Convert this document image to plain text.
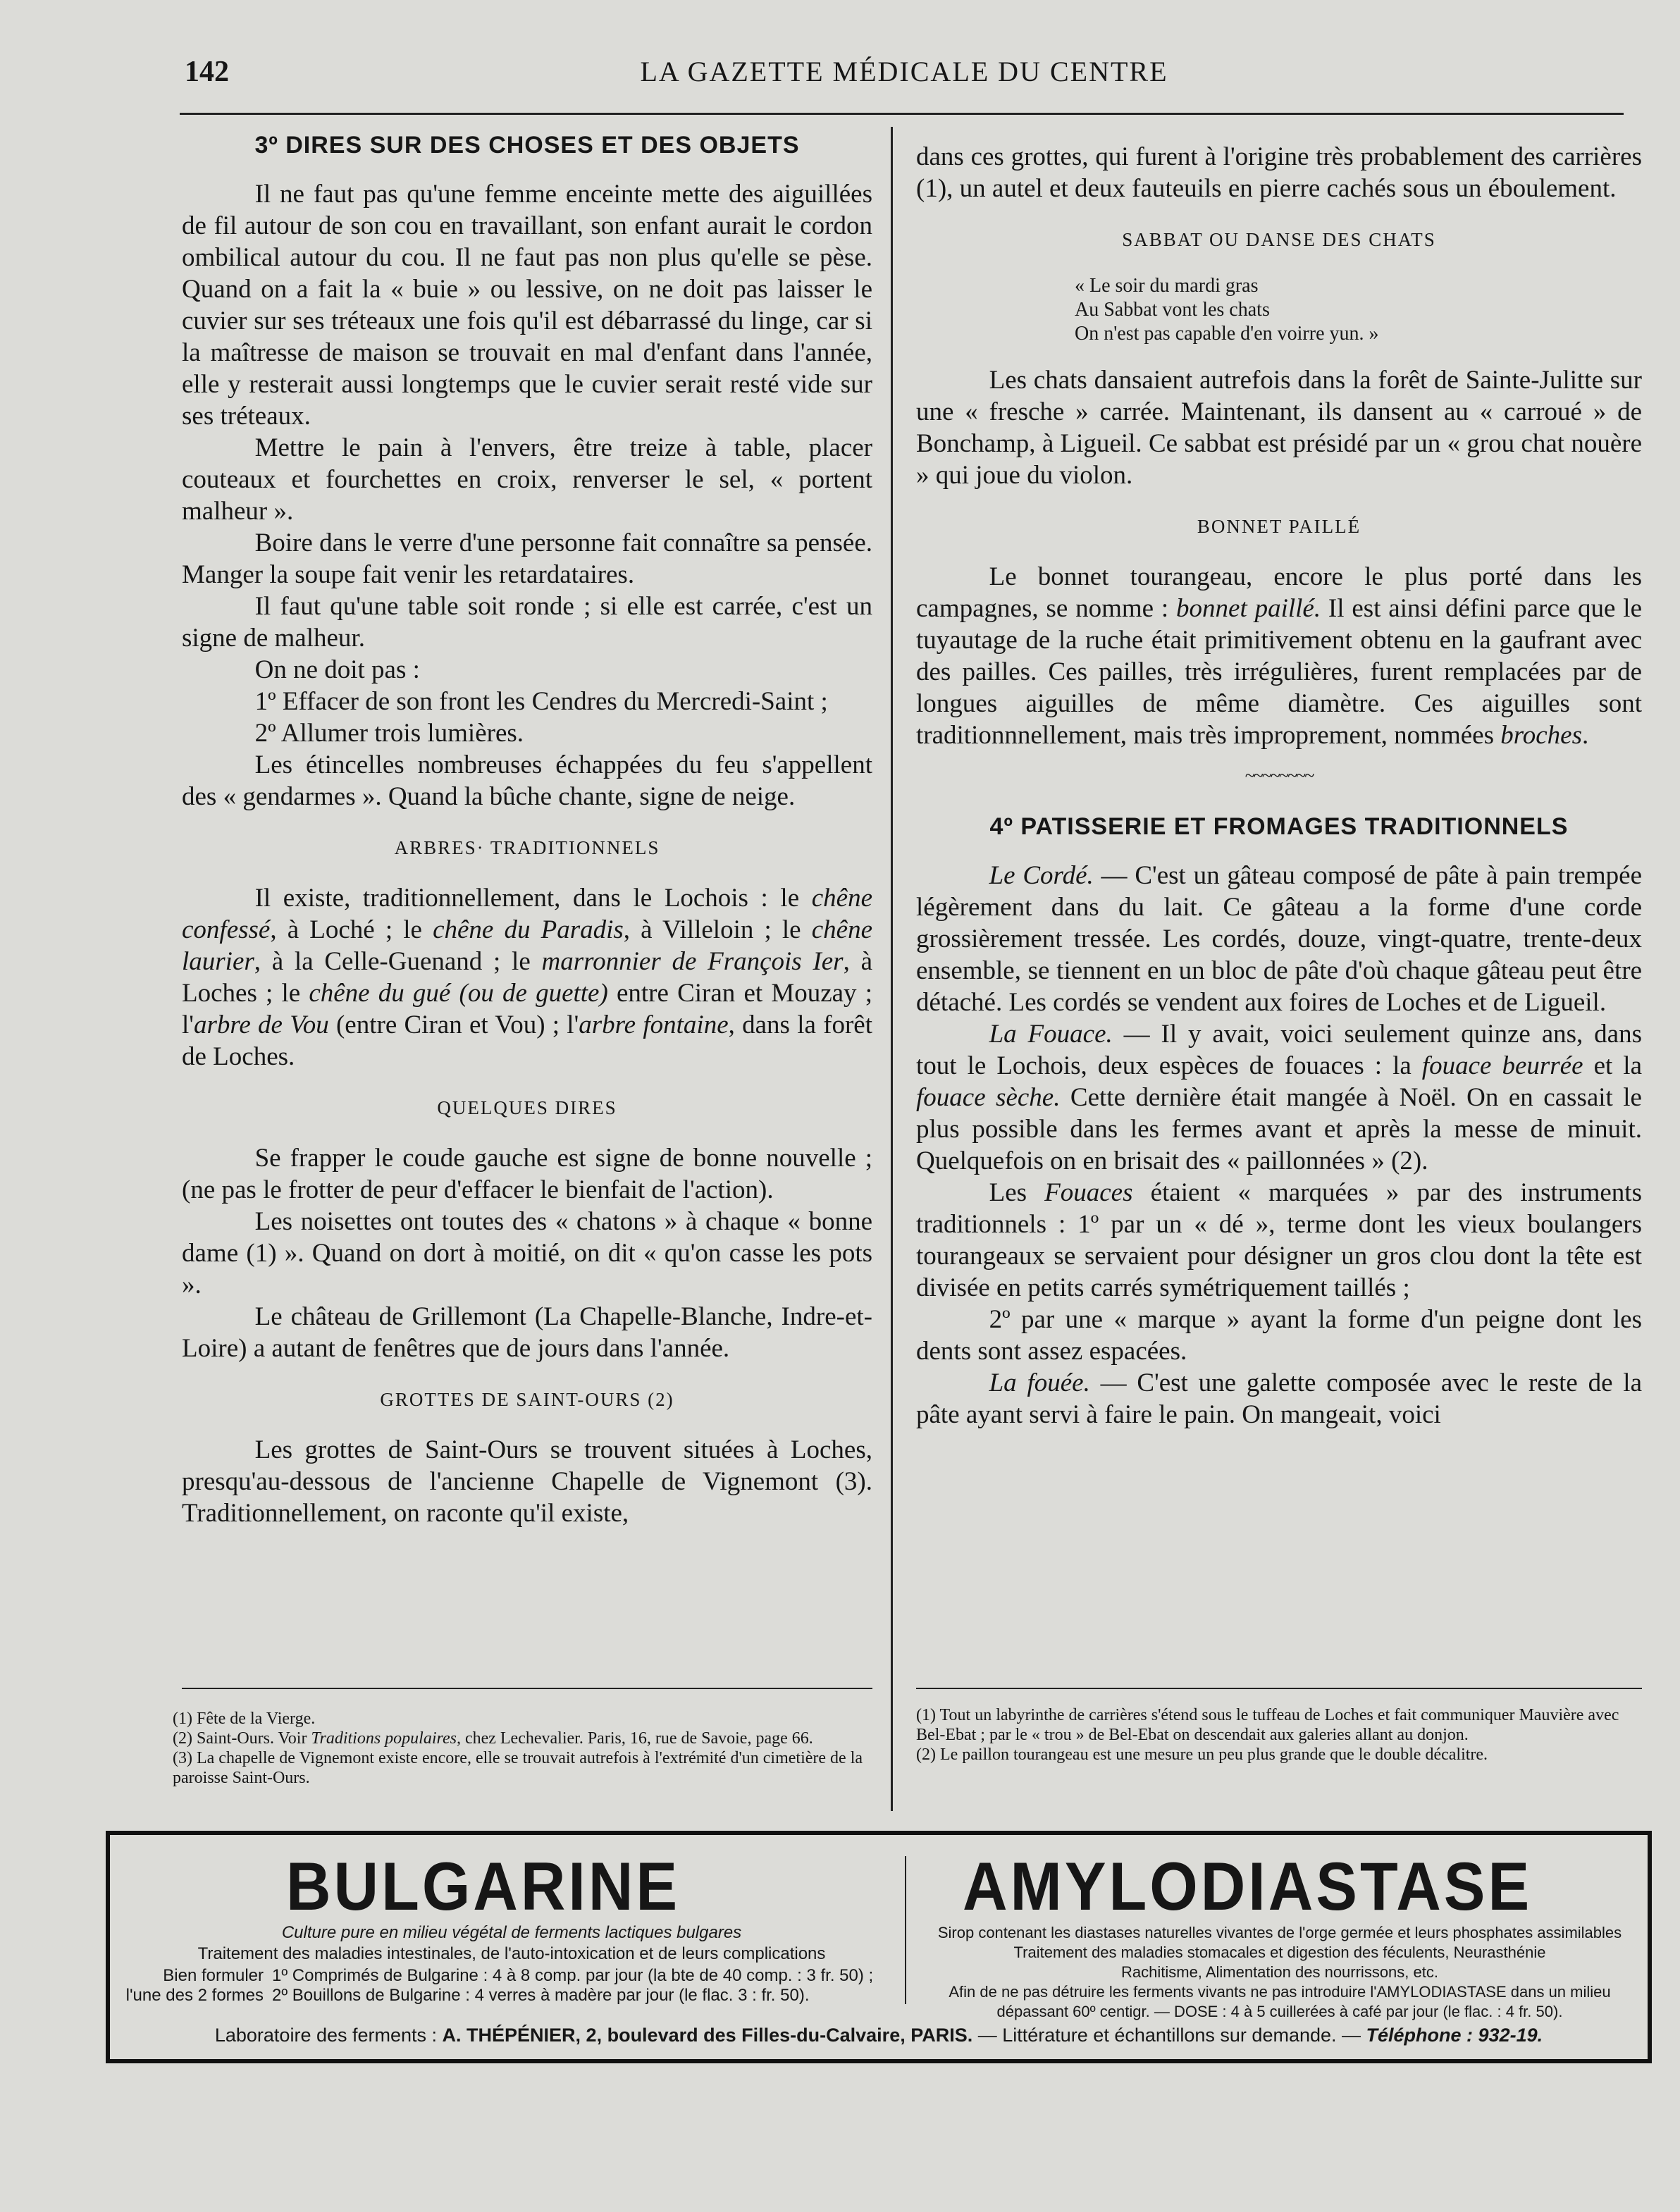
142	LA GAZETTE MÉDICALE DU CENTRE
3º DIRES SUR DES CHOSES ET DES OBJETS

Il ne faut pas qu'une femme enceinte mette des aiguillées de fil autour de son cou en travaillant, son enfant aurait le cordon ombilical autour du cou. Il ne faut pas non plus qu'elle se pèse. Quand on a fait la « buie » ou lessive, on ne doit pas laisser le cuvier sur ses tréteaux une fois qu'il est débarrassé du linge, car si la maîtresse de maison se trouvait en mal d'enfant dans l'année, elle y resterait aussi longtemps que le cuvier serait resté vide sur ses tréteaux.

Mettre le pain à l'envers, être treize à table, placer couteaux et fourchettes en croix, renverser le sel, « portent malheur ».

Boire dans le verre d'une personne fait connaître sa pensée. Manger la soupe fait venir les retardataires.

Il faut qu'une table soit ronde ; si elle est carrée, c'est un signe de malheur.

On ne doit pas :

1º Effacer de son front les Cendres du Mercredi-Saint ;

2º Allumer trois lumières.

Les étincelles nombreuses échappées du feu s'appellent des « gendarmes ». Quand la bûche chante, signe de neige.

ARBRES· TRADITIONNELS

Il existe, traditionnellement, dans le Lochois : le chêne confessé, à Loché ; le chêne du Paradis, à Villeloin ; le chêne laurier, à la Celle-Guenand ; le marronnier de François Ier, à Loches ; le chêne du gué (ou de guette) entre Ciran et Mouzay ; l'arbre de Vou (entre Ciran et Vou) ; l'arbre fontaine, dans la forêt de Loches.

QUELQUES DIRES

Se frapper le coude gauche est signe de bonne nouvelle ; (ne pas le frotter de peur d'effacer le bienfait de l'action).

Les noisettes ont toutes des « chatons » à chaque « bonne dame (1) ». Quand on dort à moitié, on dit « qu'on casse les pots ».

Le château de Grillemont (La Chapelle-Blanche, Indre-et-Loire) a autant de fenêtres que de jours dans l'année.

GROTTES DE SAINT-OURS (2)

Les grottes de Saint-Ours se trouvent situées à Loches, presqu'au-dessous de l'ancienne Chapelle de Vignemont (3). Traditionnellement, on raconte qu'il existe,

(1) Fête de la Vierge.
(2) Saint-Ours. Voir Traditions populaires, chez Lechevalier. Paris, 16, rue de Savoie, page 66.
(3) La chapelle de Vignemont existe encore, elle se trouvait autrefois à l'extrémité d'un cimetière de la paroisse Saint-Ours.

dans ces grottes, qui furent à l'origine très probablement des carrières (1), un autel et deux fauteuils en pierre cachés sous un éboulement.

SABBAT OU DANSE DES CHATS
« Le soir du mardi gras
Au Sabbat vont les chats
On n'est pas capable d'en voirre yun. »

Les chats dansaient autrefois dans la forêt de Sainte-Julitte sur une « fresche » carrée. Maintenant, ils dansent au « carroué » de Bonchamp, à Ligueil. Ce sabbat est présidé par un « grou chat nouère » qui joue du violon.

BONNET PAILLÉ

Le bonnet tourangeau, encore le plus porté dans les campagnes, se nomme : bonnet paillé. Il est ainsi défini parce que le tuyautage de la ruche était primitivement obtenu en la gaufrant avec des pailles. Ces pailles, très irrégulières, furent remplacées par de longues aiguilles de même diamètre. Ces aiguilles sont traditionnnellement, mais très improprement, nommées broches.

~~~~~~~~
4º PATISSERIE ET FROMAGES TRADITIONNELS

Le Cordé. — C'est un gâteau composé de pâte à pain trempée légèrement dans du lait. Ce gâteau a la forme d'une corde grossièrement tressée. Les cordés, douze, vingt-quatre, trente-deux ensemble, se tiennent en un bloc de pâte d'où chaque gâteau peut être détaché. Les cordés se vendent aux foires de Loches et de Ligueil.

La Fouace. — Il y avait, voici seulement quinze ans, dans tout le Lochois, deux espèces de fouaces : la fouace beurrée et la fouace sèche. Cette dernière était mangée à Noël. On en cassait le plus possible dans les fermes avant et après la messe de minuit. Quelquefois on en brisait des « paillonnées » (2).

Les Fouaces étaient « marquées » par des instruments traditionnels : 1º par un « dé », terme dont les vieux boulangers tourangeaux se servaient pour désigner un gros clou dont la tête est divisée en petits carrés symétriquement taillés ;

2º par une « marque » ayant la forme d'un peigne dont les dents sont assez espacées.

La fouée. — C'est une galette composée avec le reste de la pâte ayant servi à faire le pain. On mangeait, voici

(1) Tout un labyrinthe de carrières s'étend sous le tuffeau de Loches et fait communiquer Mauvière avec Bel-Ebat ; par le « trou » de Bel-Ebat on descendait aux galeries allant au donjon.
(2) Le paillon tourangeau est une mesure un peu plus grande que le double décalitre.
BULGARINE
Culture pure en milieu végétal de ferments lactiques bulgares
Traitement des maladies intestinales, de l'auto-intoxication et de leurs complications
Bien formuler
l'une des 2 formes
1º Comprimés de Bulgarine : 4 à 8 comp. par jour (la bte de 40 comp. : 3 fr. 50) ;
2º Bouillons de Bulgarine : 4 verres à madère par jour (le flac. 3 : fr. 50).
AMYLODIASTASE
Sirop contenant les diastases naturelles vivantes de l'orge germée et leurs phosphates assimilables
Traitement des maladies stomacales et digestion des féculents, Neurasthénie
Rachitisme, Alimentation des nourrissons, etc.
Afin de ne pas détruire les ferments vivants ne pas introduire l'AMYLODIASTASE dans un milieu
dépassant 60º centigr. — DOSE : 4 à 5 cuillerées à café par jour (le flac. : 4 fr. 50).
Laboratoire des ferments : A. THÉPÉNIER, 2, boulevard des Filles-du-Calvaire, PARIS. — Littérature et échantillons sur demande. — Téléphone : 932-19.
